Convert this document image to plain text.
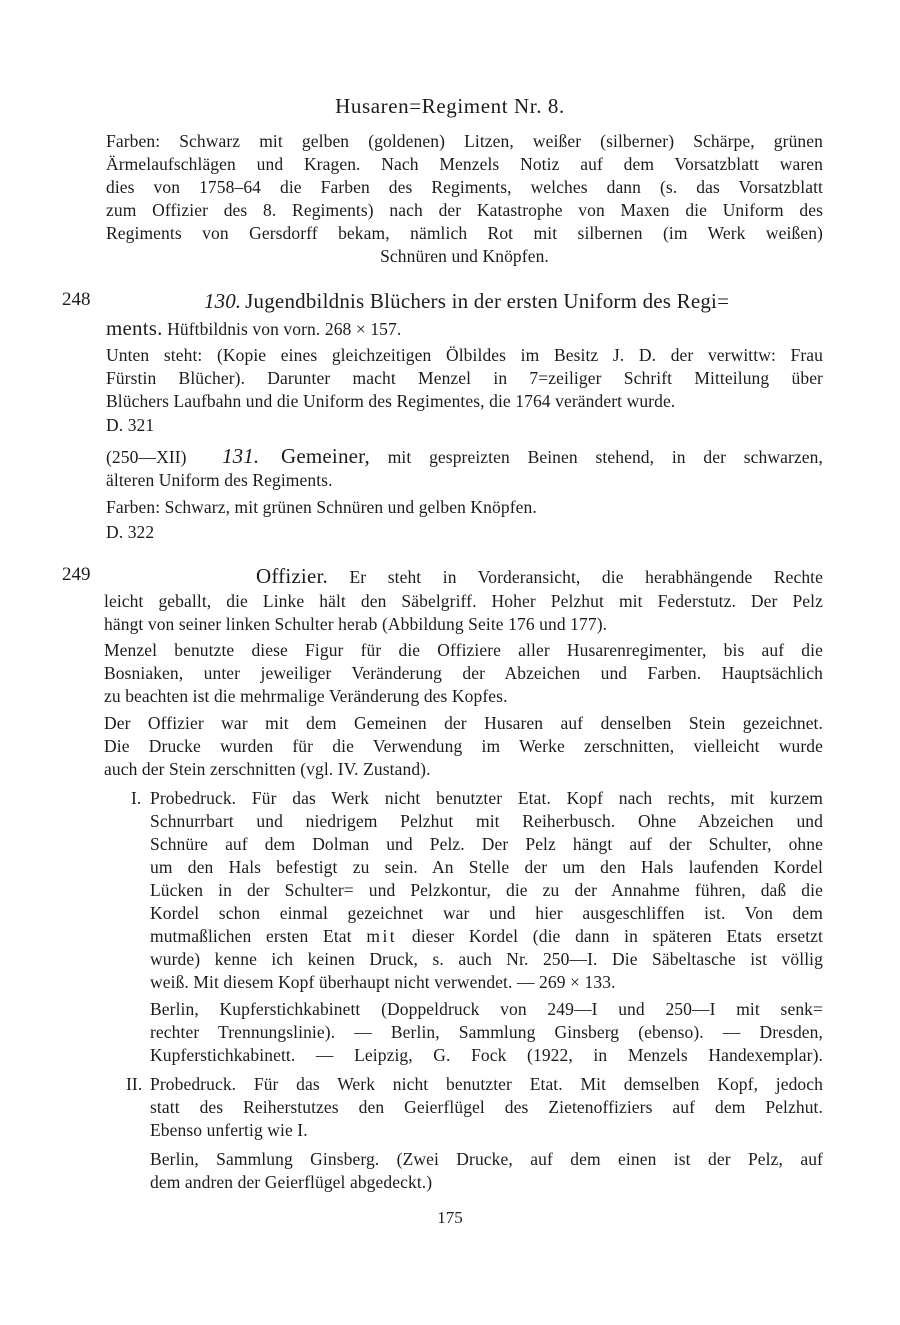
Husaren=Regiment Nr. 8.
Farben: Schwarz mit gelben (goldenen) Litzen, weißer (silberner) Schärpe, grünen
Ärmelaufschlägen und Kragen. Nach Menzels Notiz auf dem Vorsatzblatt waren
dies von 1758–64 die Farben des Regiments, welches dann (s. das Vorsatzblatt
zum Offizier des 8. Regiments) nach der Katastrophe von Maxen die Uniform des
Regiments von Gersdorff bekam, nämlich Rot mit silbernen (im Werk weißen)
Schnüren und Knöpfen.
248	130. Jugendbildnis Blüchers in der ersten Uniform des Regi=
ments. Hüftbildnis von vorn. 268 × 157.
Unten steht: (Kopie eines gleichzeitigen Ölbildes im Besitz J. D. der verwittw: Frau
Fürstin Blücher). Darunter macht Menzel in 7=zeiliger Schrift Mitteilung über
Blüchers Laufbahn und die Uniform des Regimentes, die 1764 verändert wurde.
D. 321
(250—XII) 131. Gemeiner, mit gespreizten Beinen stehend, in der schwarzen,
älteren Uniform des Regiments.
Farben: Schwarz, mit grünen Schnüren und gelben Knöpfen.
D. 322
249	Offizier. Er steht in Vorderansicht, die herabhängende Rechte
leicht geballt, die Linke hält den Säbelgriff. Hoher Pelzhut mit Federstutz. Der Pelz
hängt von seiner linken Schulter herab (Abbildung Seite 176 und 177).
Menzel benutzte diese Figur für die Offiziere aller Husarenregimenter, bis auf die
Bosniaken, unter jeweiliger Veränderung der Abzeichen und Farben. Hauptsächlich
zu beachten ist die mehrmalige Veränderung des Kopfes.
Der Offizier war mit dem Gemeinen der Husaren auf denselben Stein gezeichnet.
Die Drucke wurden für die Verwendung im Werke zerschnitten, vielleicht wurde
auch der Stein zerschnitten (vgl. IV. Zustand).
I. Probedruck. Für das Werk nicht benutzter Etat. Kopf nach rechts, mit kurzem
Schnurrbart und niedrigem Pelzhut mit Reiherbusch. Ohne Abzeichen und
Schnüre auf dem Dolman und Pelz. Der Pelz hängt auf der Schulter, ohne
um den Hals befestigt zu sein. An Stelle der um den Hals laufenden Kordel
Lücken in der Schulter= und Pelzkontur, die zu der Annahme führen, daß die
Kordel schon einmal gezeichnet war und hier ausgeschliffen ist. Von dem
mutmaßlichen ersten Etat mit dieser Kordel (die dann in späteren Etats ersetzt
wurde) kenne ich keinen Druck, s. auch Nr. 250—I. Die Säbeltasche ist völlig
weiß. Mit diesem Kopf überhaupt nicht verwendet. — 269 × 133.
Berlin, Kupferstichkabinett (Doppeldruck von 249—I und 250—I mit senk=
rechter Trennungslinie). — Berlin, Sammlung Ginsberg (ebenso). — Dresden,
Kupferstichkabinett. — Leipzig, G. Fock (1922, in Menzels Handexemplar).
II. Probedruck. Für das Werk nicht benutzter Etat. Mit demselben Kopf, jedoch
statt des Reiherstutzes den Geierflügel des Zietenoffiziers auf dem Pelzhut.
Ebenso unfertig wie I.
Berlin, Sammlung Ginsberg. (Zwei Drucke, auf dem einen ist der Pelz, auf
dem andren der Geierflügel abgedeckt.)
175
